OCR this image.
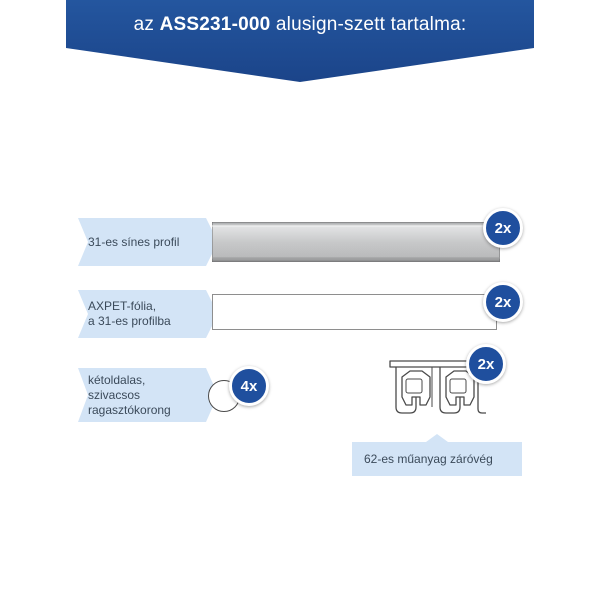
az ASS231-000 alusign-szett tartalma:
31-es sínes profil
2x
AXPET-fólia,
a 31-es profilba
2x
kétoldalas,
szivacsos
ragasztókorong
4x
2x
62-es műanyag záróvég
